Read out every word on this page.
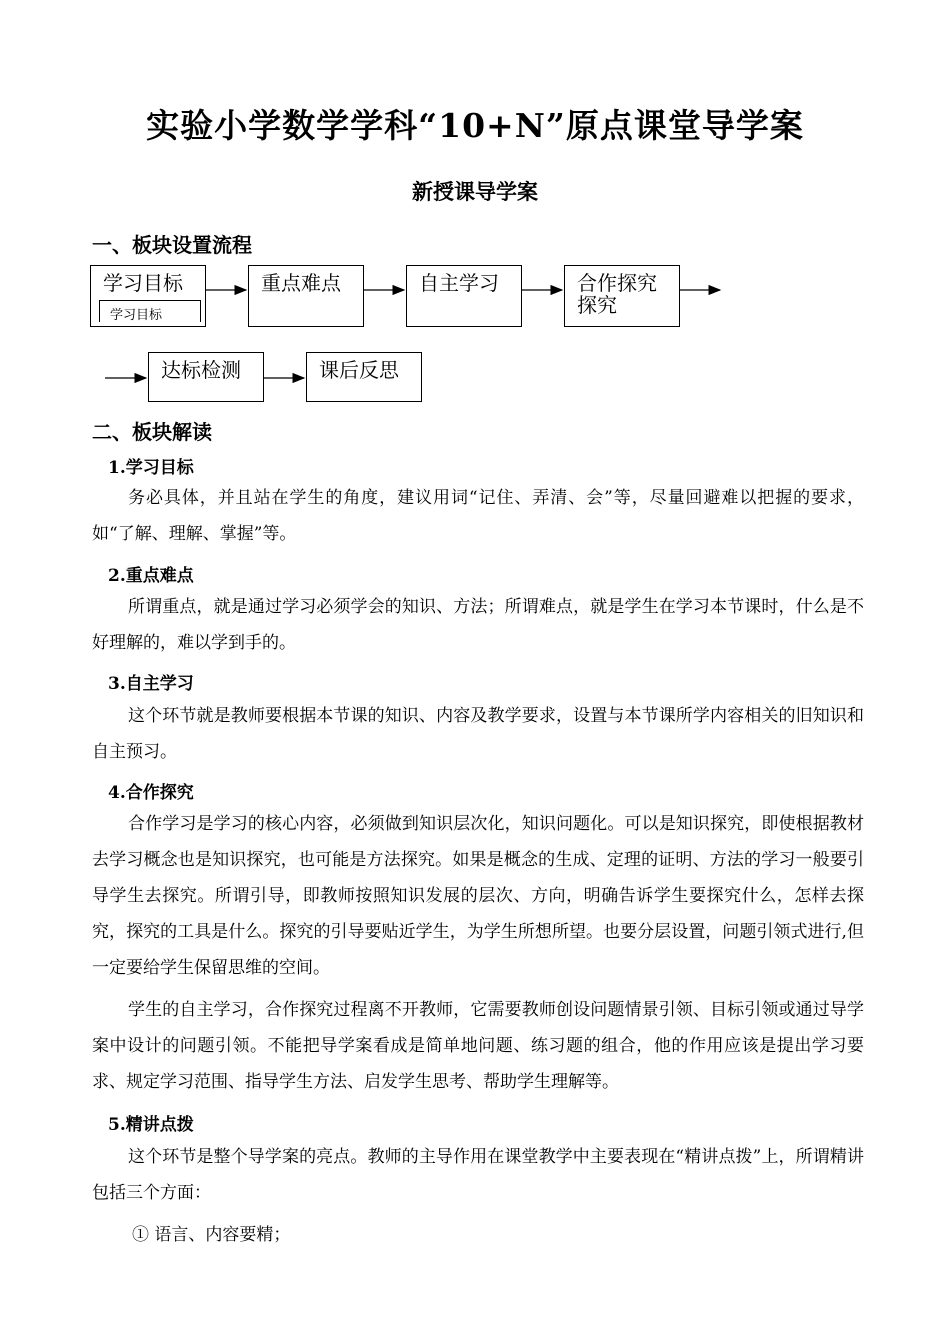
实验小学数学学科“10+N”原点课堂导学案
新授课导学案
一、板块设置流程
学习目标
学习目标
重点难点	自主学习	合作探究
探究
达标检测	课后反思
二、板块解读
1.学习目标

务必具体，并且站在学生的角度，建议用词“记住、弄清、会”等，尽量回避难以把握的要求，如“了解、理解、掌握”等。

2.重点难点

所谓重点，就是通过学习必须学会的知识、方法；所谓难点，就是学生在学习本节课时，什么是不好理解的，难以学到手的。

3.自主学习

这个环节就是教师要根据本节课的知识、内容及教学要求，设置与本节课所学内容相关的旧知识和自主预习。

4.合作探究

合作学习是学习的核心内容，必须做到知识层次化，知识问题化。可以是知识探究，即使根据教材去学习概念也是知识探究，也可能是方法探究。如果是概念的生成、定理的证明、方法的学习一般要引导学生去探究。所谓引导，即教师按照知识发展的层次、方向，明确告诉学生要探究什么，怎样去探究，探究的工具是什么。探究的引导要贴近学生，为学生所想所望。也要分层设置，问题引领式进行,但一定要给学生保留思维的空间。

学生的自主学习，合作探究过程离不开教师，它需要教师创设问题情景引领、目标引领或通过导学案中设计的问题引领。不能把导学案看成是简单地问题、练习题的组合，他的作用应该是提出学习要求、规定学习范围、指导学生方法、启发学生思考、帮助学生理解等。

5.精讲点拨

这个环节是整个导学案的亮点。教师的主导作用在课堂教学中主要表现在“精讲点拨”上，所谓精讲包括三个方面：

① 语言、内容要精；
